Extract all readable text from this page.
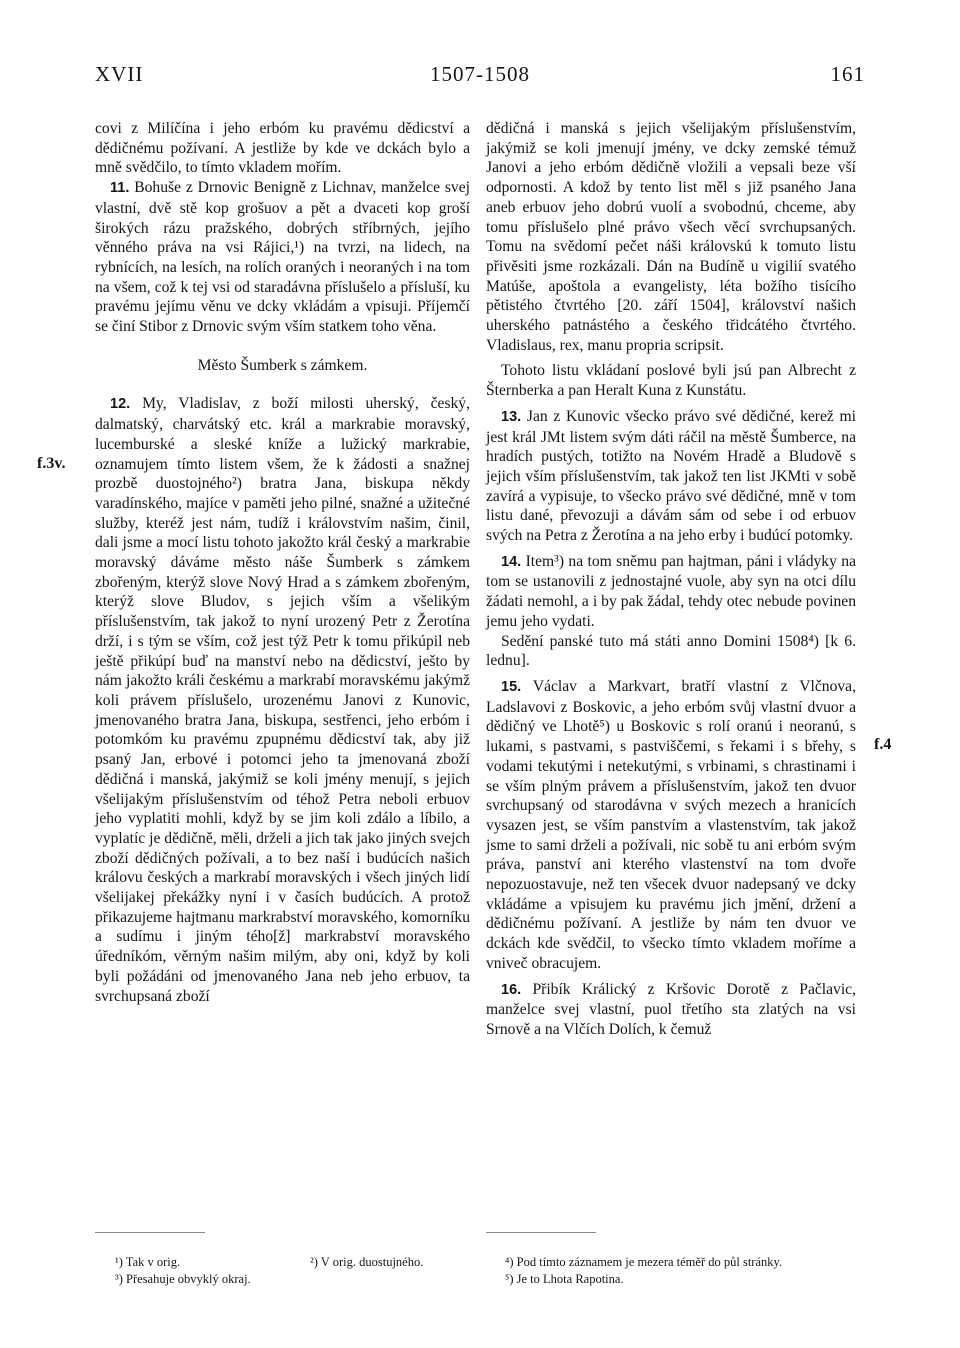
XVII	1507-1508	161
f.3v.
f.4

covi z Milíčína i jeho erbóm ku pravému dědicství a dědičnému požívaní. A jestliže by kde ve dckách bylo a mně svědčilo, to tímto vkladem mořím.

11. Bohuše z Drnovic Benigně z Lichnav, manželce svej vlastní, dvě stě kop grošuov a pět a dvaceti kop groší širokých rázu pražského, dobrých stříbrných, jejího věnného práva na vsi Rájici,¹) na tvrzi, na lidech, na rybnících, na lesích, na rolích oraných i neoraných i na tom na všem, což k tej vsi od staradávna příslušelo a přísluší, ku pravému jejímu věnu ve dcky vkládám a vpisuji. Příjemčí se činí Stibor z Drnovic svým vším statkem toho věna.

Město Šumberk s zámkem.

12. My, Vladislav, z boží milosti uherský, český, dalmatský, charvátský etc. král a markrabie moravský, lucemburské a sleské kníže a lužický markrabie, oznamujem tímto listem všem, že k žádosti a snažnej prozbě duostojného²) bratra Jana, biskupa někdy varadínského, majíce v paměti jeho pilné, snažné a užitečné služby, kteréž jest nám, tudíž i královstvím našim, činil, dali jsme a mocí listu tohoto jakožto král český a markrabie moravský dáváme město náše Šumberk s zámkem zbořeným, kterýž slove Nový Hrad a s zámkem zbořeným, kterýž slove Bludov, s jejich vším a všelikým příslušenstvím, tak jakož to nyní urozený Petr z Žerotína drží, i s tým se vším, což jest týž Petr k tomu přikúpil neb ještě přikúpí buď na manství nebo na dědicství, ješto by nám jakožto králi českému a markrabí moravskému jakýmž koli právem příslušelo, urozenému Janovi z Kunovic, jmenovaného bratra Jana, biskupa, sestřenci, jeho erbóm i potomkóm ku pravému zpupnému dědicství tak, aby již psaný Jan, erbové i potomci jeho ta jmenovaná zboží dědičná i manská, jakýmiž se koli jmény menují, s jejich všelijakým příslušenstvím od téhož Petra neboli erbuov jeho vyplatiti mohli, když by se jim koli zdálo a líbilo, a vyplatíc je dědičně, měli, drželi a jich tak jako jiných svejch zboží dědičných požívali, a to bez naší i budúcích našich královu českých a markrabí moravských i všech jiných lidí všelijakej překážky nyní i v časích budúcích. A protož přikazujeme hajtmanu markrabství moravského, komorníku a sudímu i jiným tého[ž] markrabství moravského úředníkóm, věrným našim milým, aby oni, když by koli byli požádáni od jmenovaného Jana neb jeho erbuov, ta svrchupsaná zboží

dědičná i manská s jejich všelijakým příslušenstvím, jakýmiž se koli jmenují jmény, ve dcky zemské témuž Janovi a jeho erbóm dědičně vložili a vepsali beze vší odpornosti. A kdož by tento list měl s již psaného Jana aneb erbuov jeho dobrú vuolí a svobodnú, chceme, aby tomu příslušelo plné právo všech věcí svrchupsaných. Tomu na svědomí pečet náši královskú k tomuto listu přivěsiti jsme rozkázali. Dán na Budíně u vigilií svatého Matúše, apoštola a evangelisty, léta božího tisícího pětistého čtvrtého [20. září 1504], království našich uherského patnástého a českého třidcátého čtvrtého. Vladislaus, rex, manu propria scripsit.

Tohoto listu vkládaní poslové byli jsú pan Albrecht z Šternberka a pan Heralt Kuna z Kunstátu.

13. Jan z Kunovic všecko právo své dědičné, kerež mi jest král JMt listem svým dáti ráčil na městě Šumberce, na hradích pustých, totižto na Novém Hradě a Bludově s jejich vším příslušenstvím, tak jakož ten list JKMti v sobě zavírá a vypisuje, to všecko právo své dědičné, mně v tom listu dané, převozuji a dávám sám od sebe i od erbuov svých na Petra z Žerotína a na jeho erby i budúcí potomky.

14. Item³) na tom sněmu pan hajtman, páni i vládyky na tom se ustanovili z jednostajné vuole, aby syn na otci dílu žádati nemohl, a i by pak žádal, tehdy otec nebude povinen jemu jeho vydati.

Sedění panské tuto má státi anno Domini 1508⁴) [k 6. lednu].

15. Václav a Markvart, bratří vlastní z Vlčnova, Ladslavovi z Boskovic, a jeho erbóm svůj vlastní dvuor a dědičný ve Lhotě⁵) u Boskovic s rolí oranú i neoranú, s lukami, s pastvami, s pastviščemi, s řekami i s břehy, s vodami tekutými i netekutými, s vrbinami, s chrastinami i se vším plným právem a příslušenstvím, jakož ten dvuor svrchupsaný od starodávna v svých mezech a hranicích vysazen jest, se vším panstvím a vlastenstvím, tak jakož jsme to sami drželi a požívali, nic sobě tu ani erbóm svým práva, panství ani kterého vlastenství na tom dvoře nepozuostavuje, než ten všecek dvuor nadepsaný ve dcky vkládáme a vpisujem ku pravému jich jmění, držení a dědičnému požívaní. A jestliže by nám ten dvuor ve dckách kde svědčil, to všecko tímto vkladem moříme a vniveč obracujem.

16. Přibík Králický z Kršovic Dorotě z Pačlavic, manželce svej vlastní, puol třetího sta zlatých na vsi Srnově a na Vlčích Dolích, k čemuž

¹) Tak v orig.	²) V orig. duostujného.
³) Přesahuje obvyklý okraj.
⁴) Pod tímto záznamem je mezera téměř do půl stránky.
⁵) Je to Lhota Rapotina.
